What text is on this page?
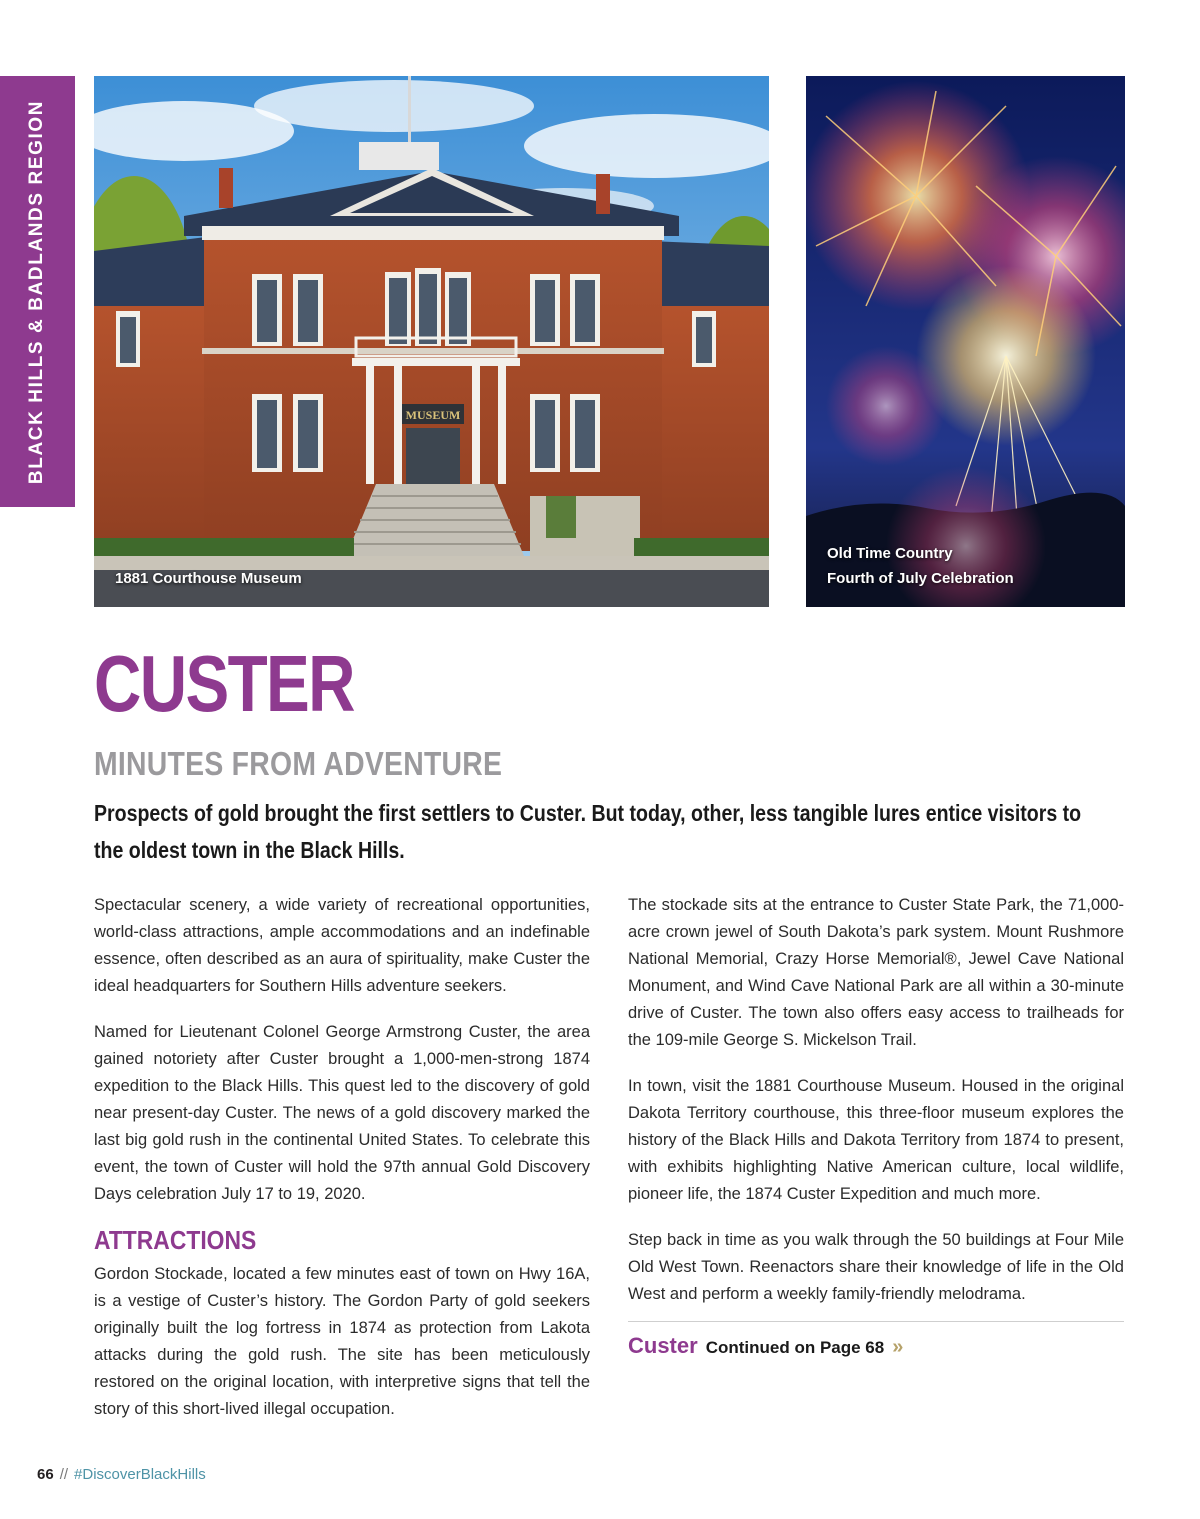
BLACK HILLS & BADLANDS REGION	MUSEUM
1881 Courthouse Museum
Old Time Country
Fourth of July Celebration
CUSTER
MINUTES FROM ADVENTURE

Prospects of gold brought the first settlers to Custer. But today, other, less tangible lures entice visitors to the oldest town in the Black Hills.

Spectacular scenery, a wide variety of recreational opportunities, world-class attractions, ample accommodations and an indefinable essence, often described as an aura of spirituality, make Custer the ideal headquarters for Southern Hills adventure seekers.

Named for Lieutenant Colonel George Armstrong Custer, the area gained notoriety after Custer brought a 1,000-men-strong 1874 expedition to the Black Hills. This quest led to the discovery of gold near present-day Custer. The news of a gold discovery marked the last big gold rush in the continental United States. To celebrate this event, the town of Custer will hold the 97th annual Gold Discovery Days celebration July 17 to 19, 2020.

ATTRACTIONS

Gordon Stockade, located a few minutes east of town on Hwy 16A, is a vestige of Custer’s history. The Gordon Party of gold seekers originally built the log fortress in 1874 as protection from Lakota attacks during the gold rush. The site has been meticulously restored on the original location, with interpretive signs that tell the story of this short-lived illegal occupation.

The stockade sits at the entrance to Custer State Park, the 71,000-acre crown jewel of South Dakota’s park system. Mount Rushmore National Memorial, Crazy Horse Memorial®, Jewel Cave National Monument, and Wind Cave National Park are all within a 30-minute drive of Custer. The town also offers easy access to trailheads for the 109-mile George S. Mickelson Trail.

In town, visit the 1881 Courthouse Museum. Housed in the original Dakota Territory courthouse, this three-floor museum explores the history of the Black Hills and Dakota Territory from 1874 to present, with exhibits highlighting Native American culture, local wildlife, pioneer life, the 1874 Custer Expedition and much more.

Step back in time as you walk through the 50 buildings at Four Mile Old West Town. Reenactors share their knowledge of life in the Old West and perform a weekly family-friendly melodrama.

Custer Continued on Page 68 »
66 // #DiscoverBlackHills
